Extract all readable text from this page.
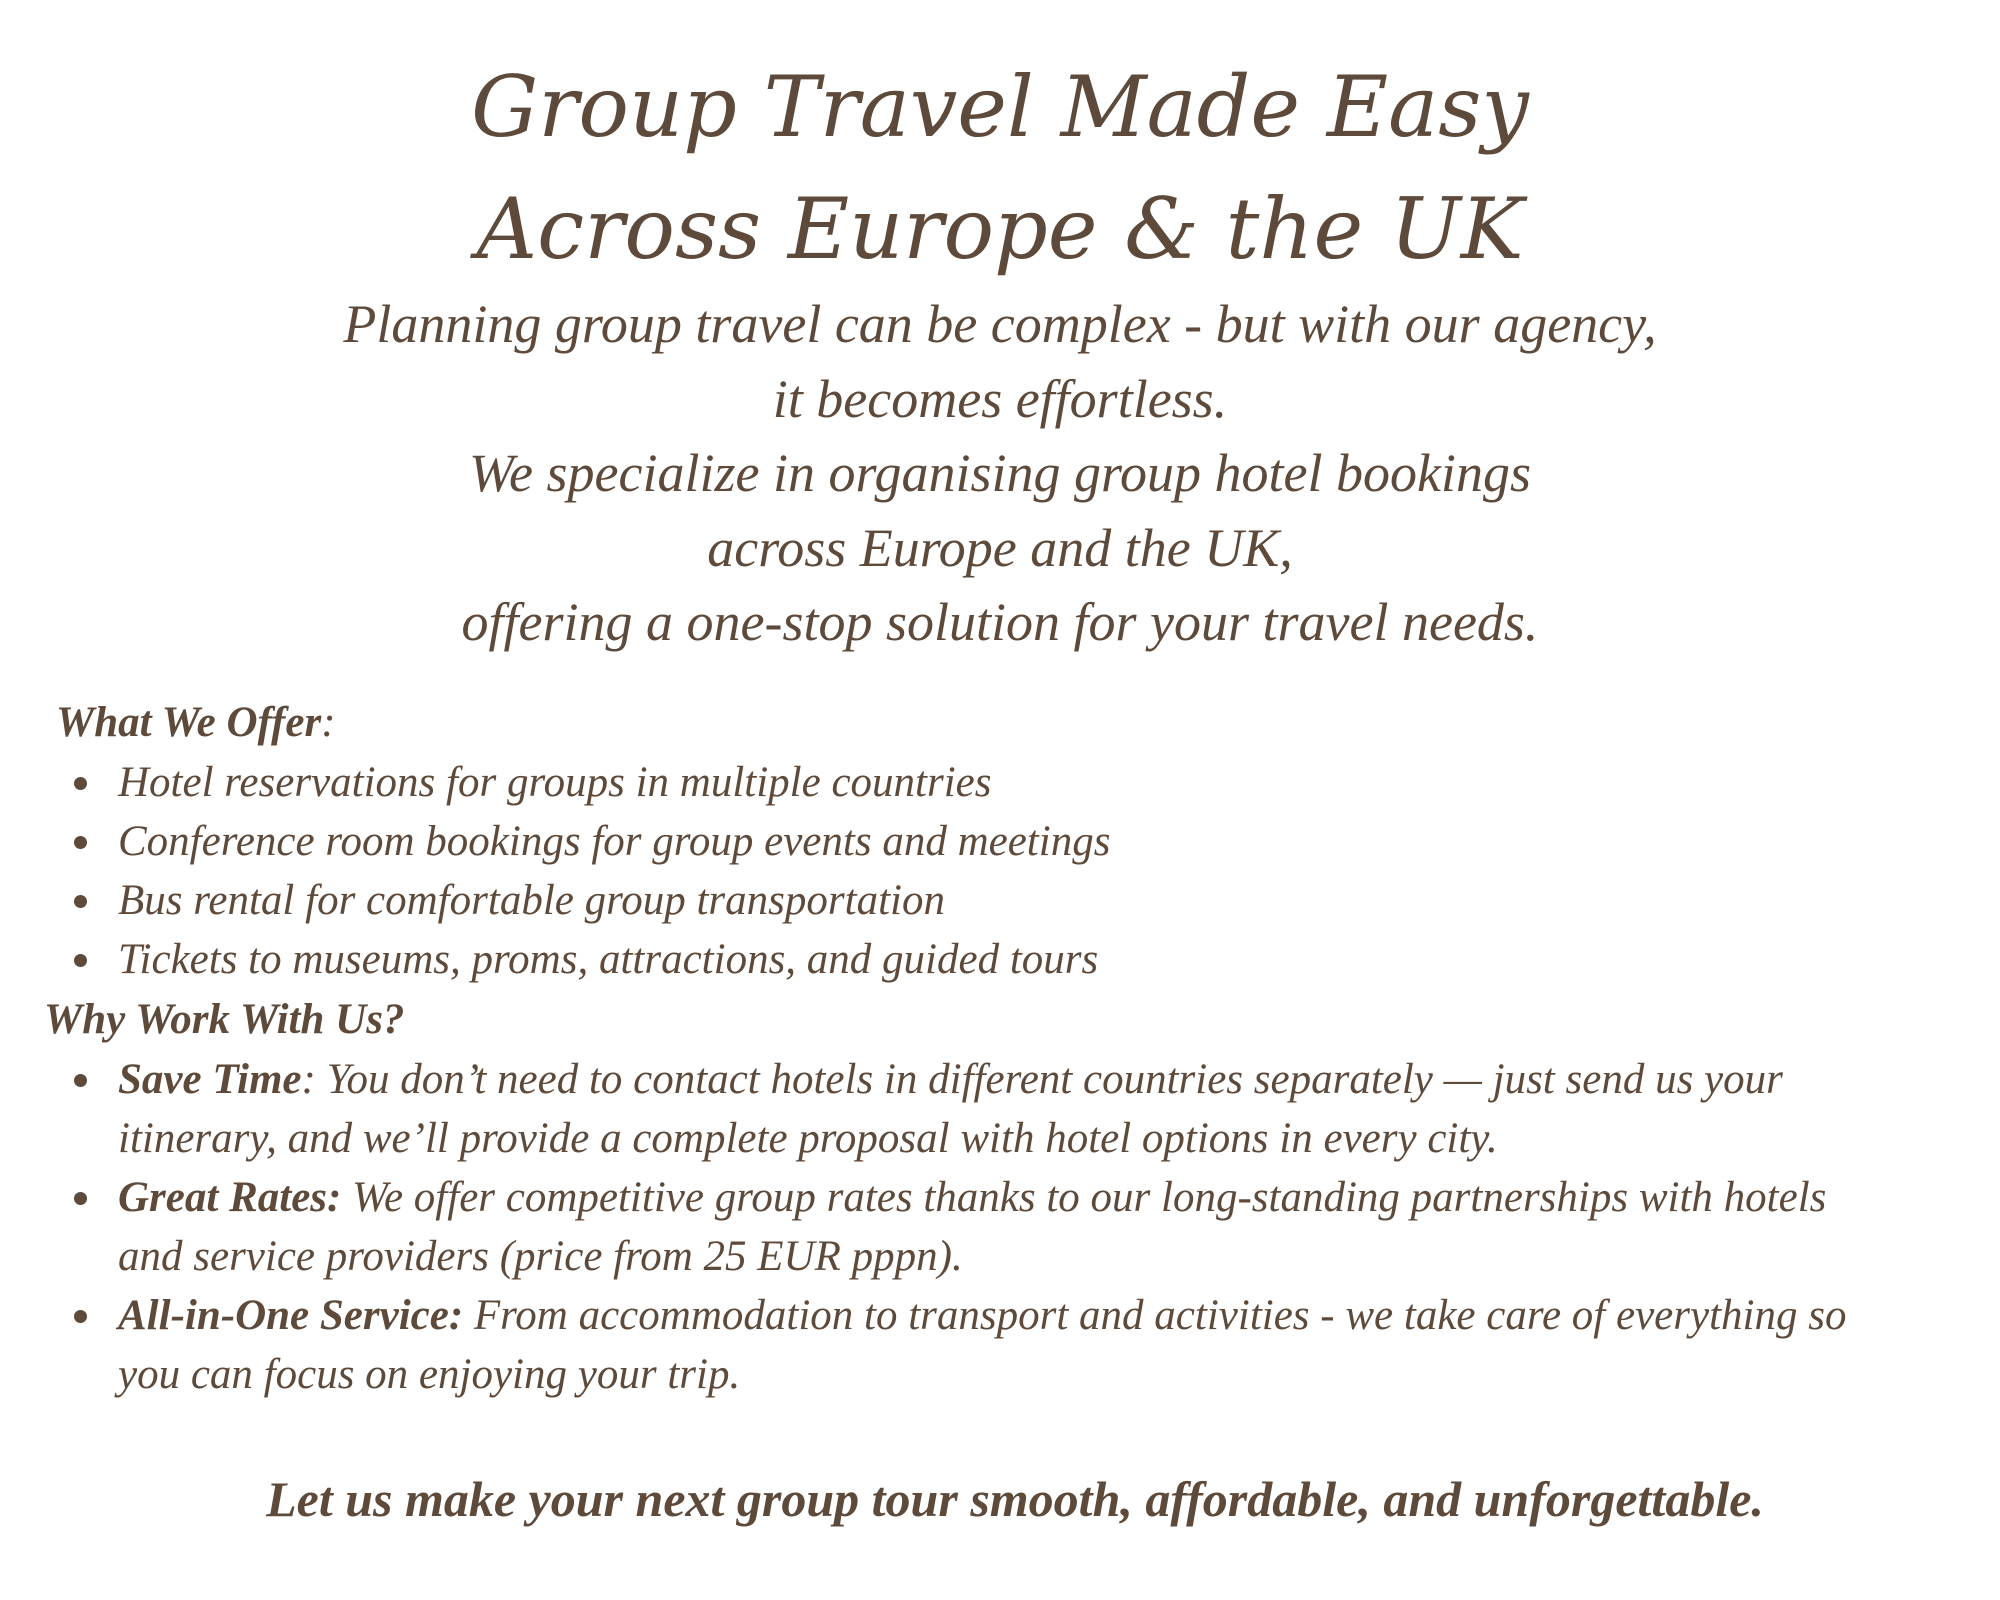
Group Travel Made Easy
Across Europe & the UK

Planning group travel can be complex - but with our agency,
it becomes effortless.
We specialize in organising group hotel bookings
across Europe and the UK,
offering a one-stop solution for your travel needs.

What We Offer:
Hotel reservations for groups in multiple countries
Conference room bookings for group events and meetings
Bus rental for comfortable group transportation
Tickets to museums, proms, attractions, and guided tours
Why Work With Us?
Save Time: You don’t need to contact hotels in different countries separately — just send us your itinerary, and we’ll provide a complete proposal with hotel options in every city.
Great Rates: We offer competitive group rates thanks to our long-standing partnerships with hotels and service providers (price from 25 EUR pppn).
All-in-One Service: From accommodation to transport and activities - we take care of everything so you can focus on enjoying your trip.

Let us make your next group tour smooth, affordable, and unforgettable.
